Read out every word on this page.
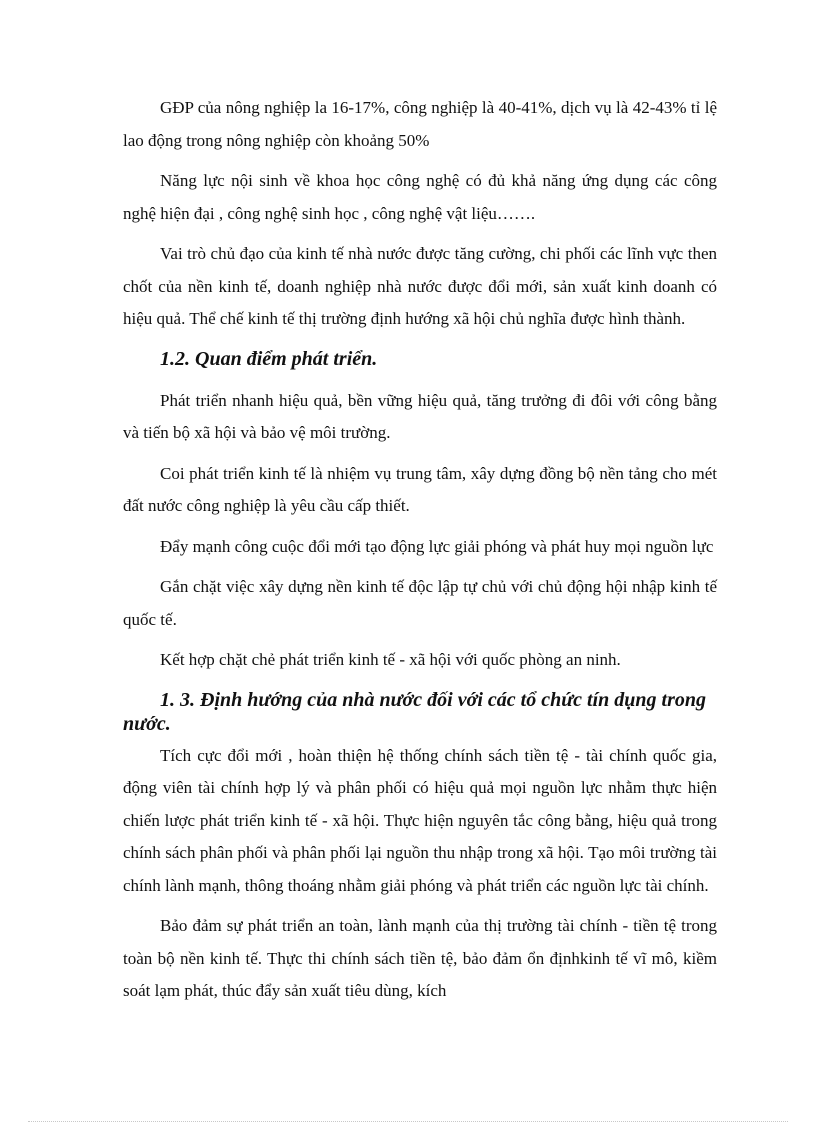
GĐP của nông nghiệp la 16-17%, công nghiệp là 40-41%, dịch vụ là 42-43% tỉ lệ lao động trong nông nghiệp còn khoảng 50%

Năng lực nội sinh về khoa học công nghệ có đủ khả năng ứng dụng các công nghệ hiện đại , công nghệ sinh học , công nghệ vật liệu…….

Vai trò chủ đạo của kinh tế nhà nước được tăng cường, chi phối các lĩnh vực then chốt của nền kinh tế, doanh nghiệp nhà nước được đổi mới, sản xuất kinh doanh có hiệu quả. Thể chế kinh tế thị trường định hướng xã hội chủ nghĩa được hình thành.

1.2. Quan điểm phát triển.

Phát triển nhanh hiệu quả, bền vững hiệu quả, tăng trưởng đi đôi với công bằng và tiến bộ xã hội và bảo vệ môi trường.

Coi phát triển kinh tế là nhiệm vụ trung tâm, xây dựng đồng bộ nền tảng cho mét đất nước công nghiệp là yêu cầu cấp thiết.

Đẩy mạnh công cuộc đổi mới tạo động lực giải phóng và phát huy mọi nguồn lực

Gắn chặt việc xây dựng nền kinh tế độc lập tự chủ với chủ động hội nhập kinh tế quốc tế.

Kết hợp chặt chẻ phát triển kinh tế - xã hội với quốc phòng an ninh.

1. 3. Định hướng của nhà nước đối với các tổ chức tín dụng trong nước.

Tích cực đổi mới , hoàn thiện hệ thống chính sách tiền tệ - tài chính quốc gia, động viên tài chính hợp lý và phân phối có hiệu quả mọi nguồn lực nhằm thực hiện chiến lược phát triển kinh tế - xã hội. Thực hiện nguyên tắc công bằng, hiệu quả trong chính sách phân phối và phân phối lại nguồn thu nhập trong xã hội. Tạo môi trường tài chính lành mạnh, thông thoáng nhằm giải phóng và phát triển các nguồn lực tài chính.

Bảo đảm sự phát triển an toàn, lành mạnh của thị trường tài chính - tiền tệ trong toàn bộ nền kinh tế. Thực thi chính sách tiền tệ, bảo đảm ổn địnhkinh tế vĩ mô, kiềm soát lạm phát, thúc đẩy sản xuất tiêu dùng, kích
